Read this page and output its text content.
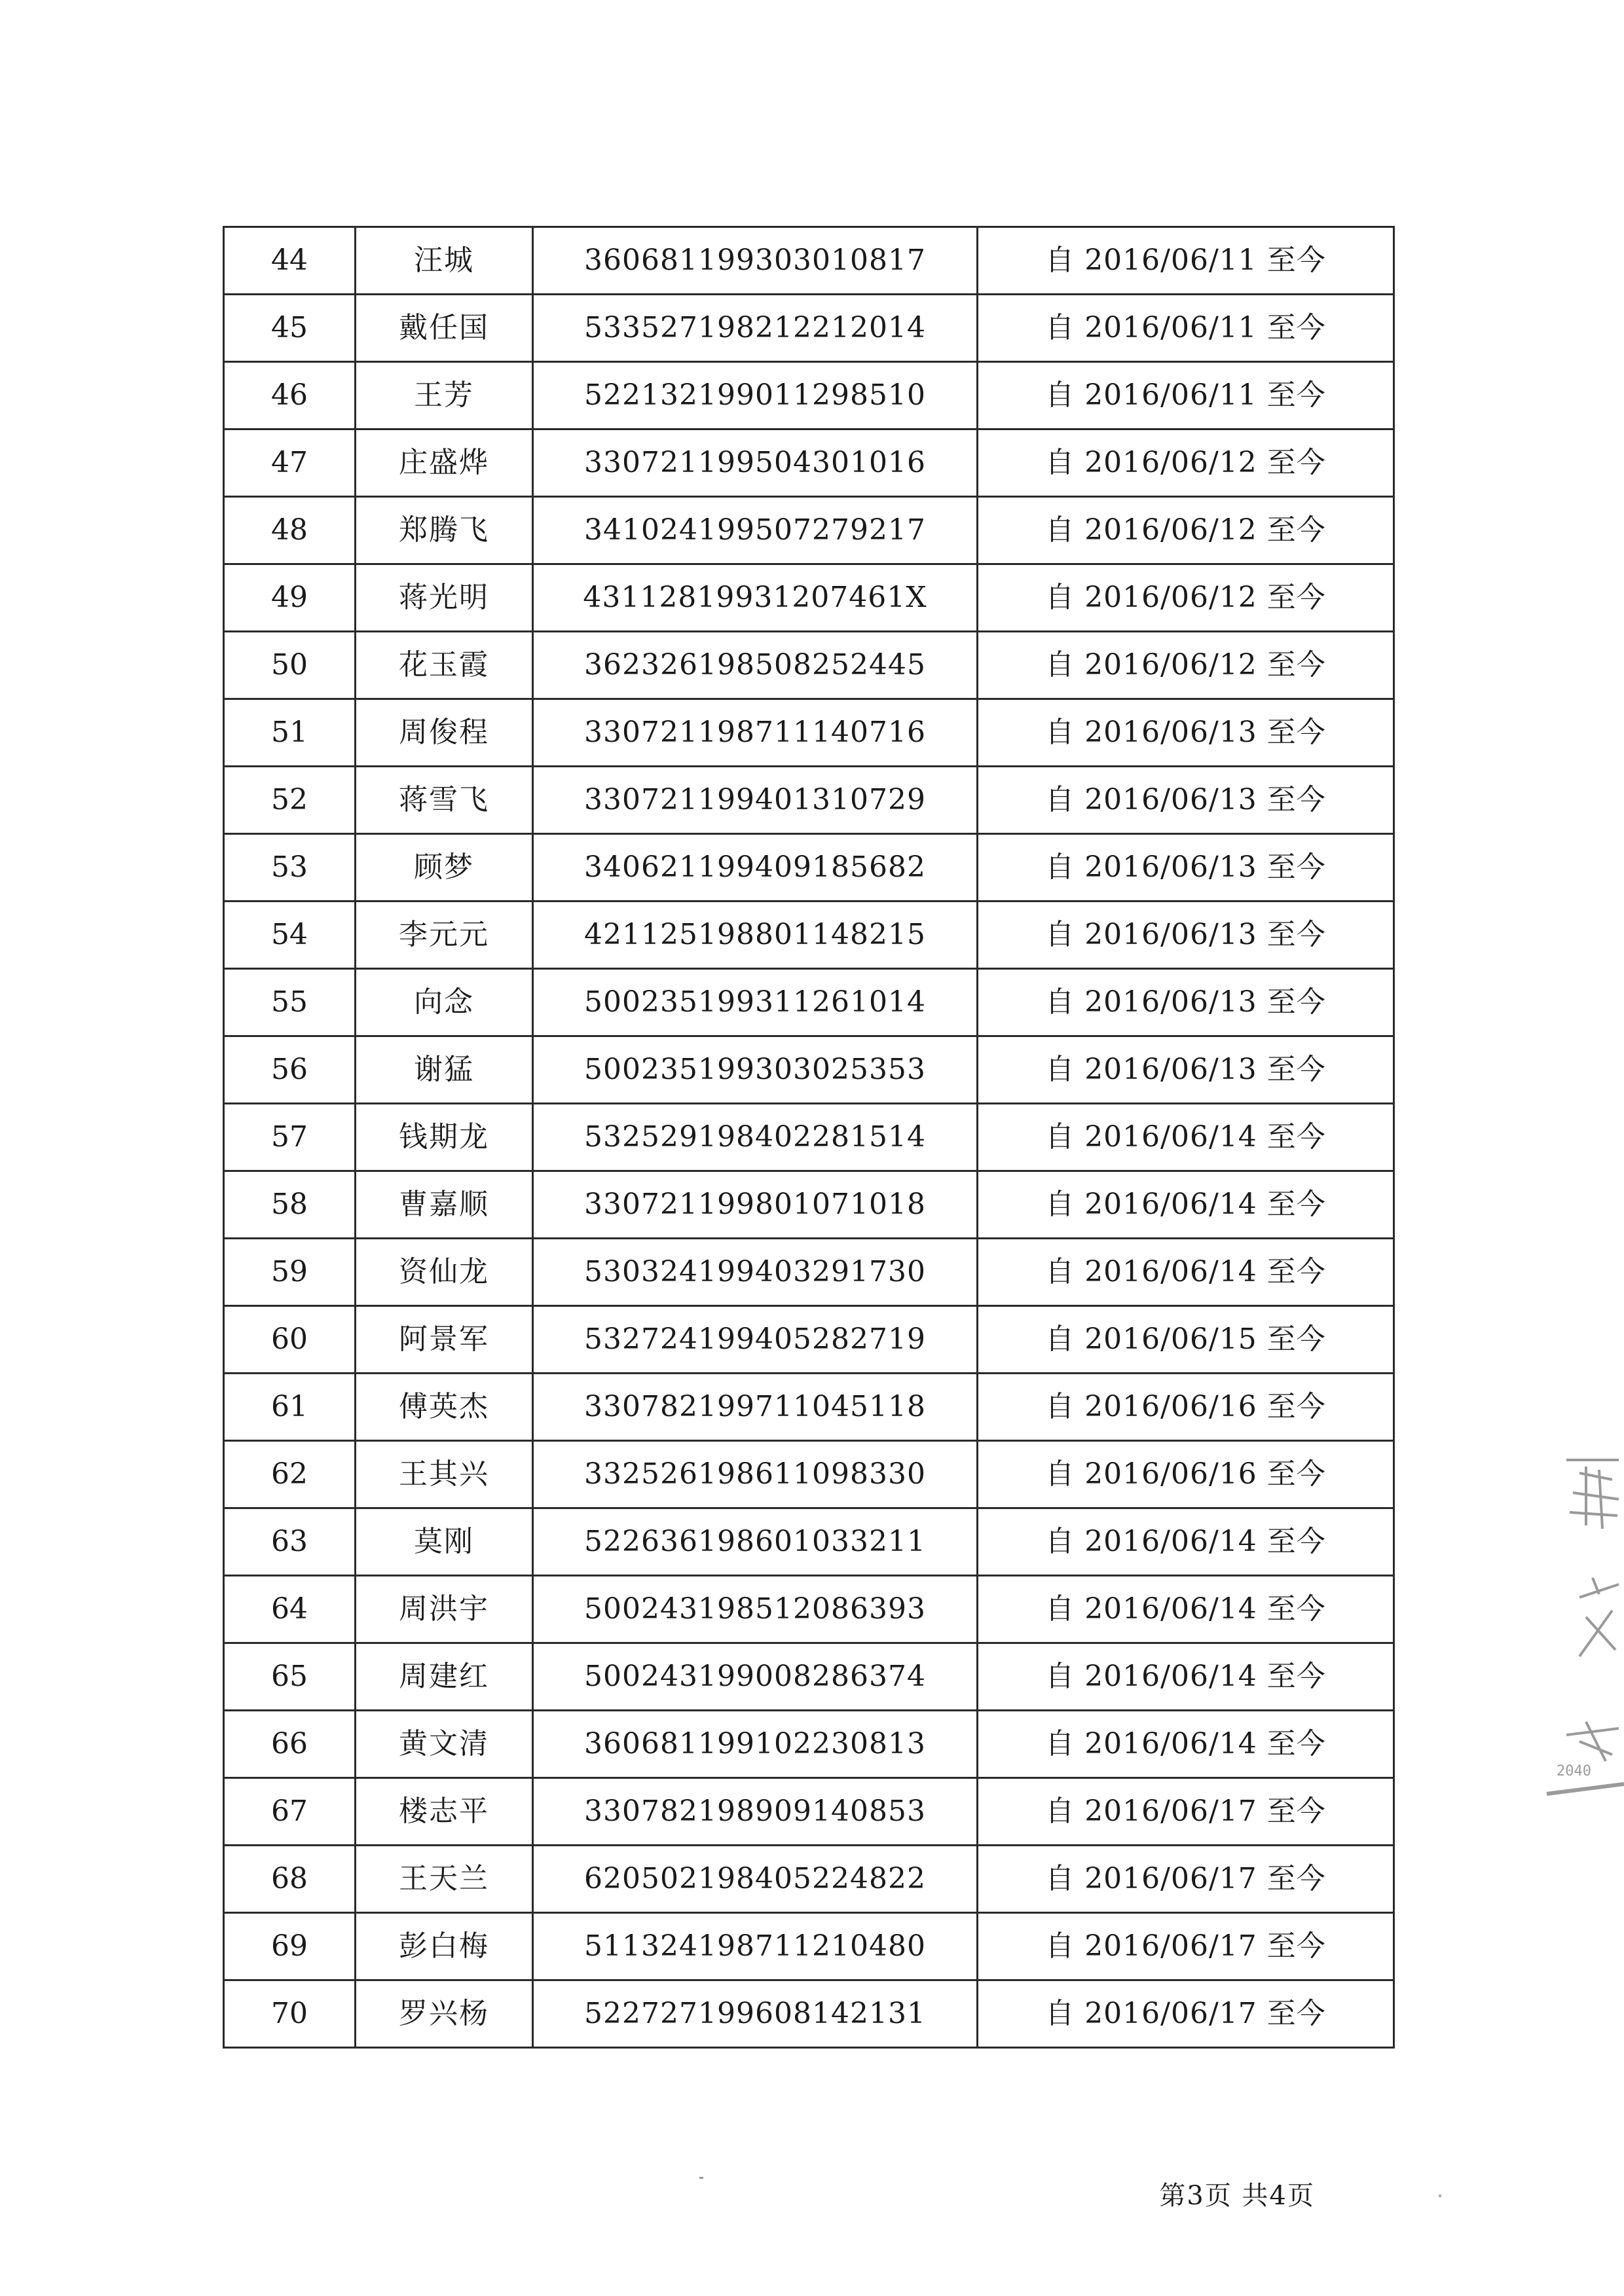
44	汪城	360681199303010817	自 2016/06/11 至今
45	戴任国	533527198212212014	自 2016/06/11 至今
46	王芳	522132199011298510	自 2016/06/11 至今
47	庄盛烨	330721199504301016	自 2016/06/12 至今
48	郑腾飞	341024199507279217	自 2016/06/12 至今
49	蒋光明	43112819931207461X	自 2016/06/12 至今
50	花玉霞	362326198508252445	自 2016/06/12 至今
51	周俊程	330721198711140716	自 2016/06/13 至今
52	蒋雪飞	330721199401310729	自 2016/06/13 至今
53	顾梦	340621199409185682	自 2016/06/13 至今
54	李元元	421125198801148215	自 2016/06/13 至今
55	向念	500235199311261014	自 2016/06/13 至今
56	谢猛	500235199303025353	自 2016/06/13 至今
57	钱期龙	532529198402281514	自 2016/06/14 至今
58	曹嘉顺	330721199801071018	自 2016/06/14 至今
59	资仙龙	530324199403291730	自 2016/06/14 至今
60	阿景军	532724199405282719	自 2016/06/15 至今
61	傅英杰	330782199711045118	自 2016/06/16 至今
62	王其兴	332526198611098330	自 2016/06/16 至今
63	莫刚	522636198601033211	自 2016/06/14 至今
64	周洪宇	500243198512086393	自 2016/06/14 至今
65	周建红	500243199008286374	自 2016/06/14 至今
66	黄文清	360681199102230813	自 2016/06/14 至今
67	楼志平	330782198909140853	自 2016/06/17 至今
68	王天兰	620502198405224822	自 2016/06/17 至今
69	彭白梅	511324198711210480	自 2016/06/17 至今
70	罗兴杨	522727199608142131	自 2016/06/17 至今
第3页 共4页
2040
